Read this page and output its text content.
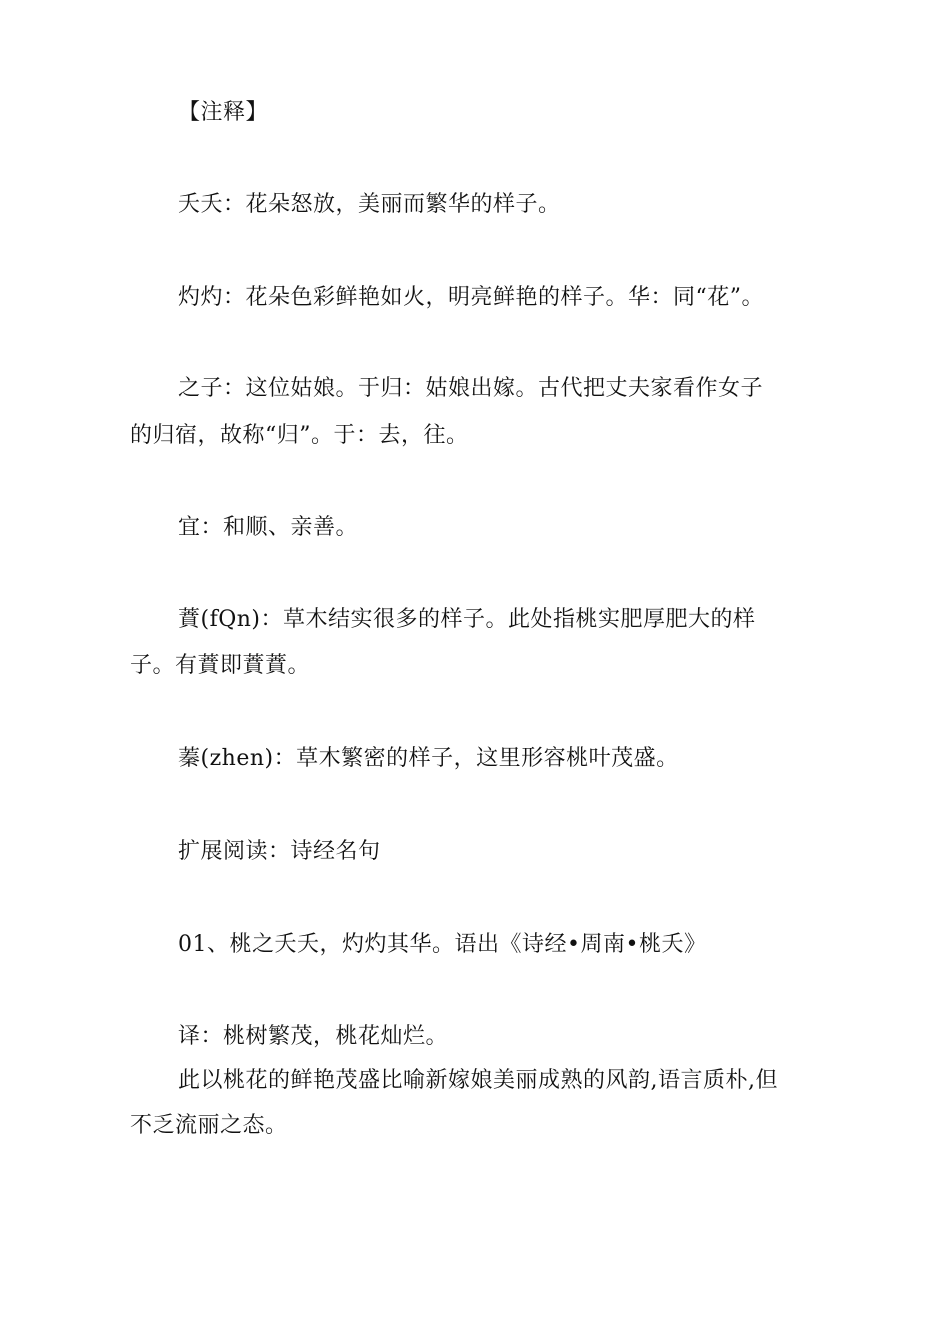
【注释】
夭夭：花朵怒放，美丽而繁华的样子。
灼灼：花朵色彩鲜艳如火，明亮鲜艳的样子。华：同“花”。
之子：这位姑娘。于归：姑娘出嫁。古代把丈夫家看作女子
的归宿，故称“归”。于：去，往。
宜：和顺、亲善。
蕡(fQn)：草木结实很多的样子。此处指桃实肥厚肥大的样
子。有蕡即蕡蕡。
蓁(zhen)：草木繁密的样子，这里形容桃叶茂盛。
扩展阅读：诗经名句
01、桃之夭夭，灼灼其华。语出《诗经•周南•桃夭》
译：桃树繁茂，桃花灿烂。
此以桃花的鲜艳茂盛比喻新嫁娘美丽成熟的风韵,语言质朴,但
不乏流丽之态。
